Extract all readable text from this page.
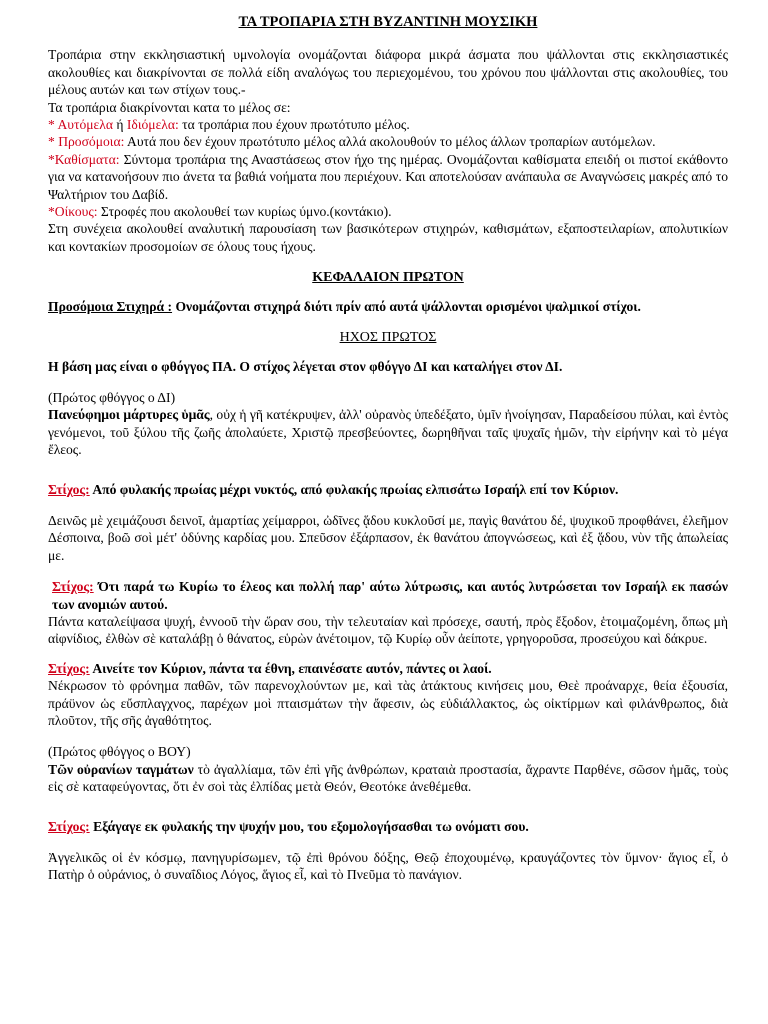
ΤΑ ΤΡΟΠΑΡΙΑ ΣΤΗ ΒΥΖΑΝΤΙΝΗ ΜΟΥΣΙΚΗ

Τροπάρια στην εκκλησιαστική υμνολογία ονομάζονται διάφορα μικρά άσματα που ψάλλονται στις εκκλησιαστικές ακολουθίες και διακρίνονται σε πολλά είδη αναλόγως του περιεχομένου, του χρόνου που ψάλλονται στις ακολουθίες, του μέλους αυτών και των στίχων τους.-

Τα τροπάρια διακρίνονται κατα το μέλος σε:

* Αυτόμελα ή Ιδιόμελα: τα τροπάρια που έχουν πρωτότυπο μέλος.

* Προσόμοια: Αυτά που δεν έχουν πρωτότυπο μέλος αλλά ακολουθούν το μέλος άλλων τροπαρίων αυτόμελων.

*Καθίσματα: Σύντομα τροπάρια της Αναστάσεως στον ήχο της ημέρας. Ονομάζονται καθίσματα επειδή οι πιστοί εκάθοντο για να κατανοήσουν πιο άνετα τα βαθιά νοήματα που περιέχουν. Και αποτελούσαν ανάπαυλα σε Αναγνώσεις μακρές από το Ψαλτήριον του Δαβίδ.

*Οίκους: Στροφές που ακολουθεί των κυρίως ύμνο.(κοντάκιο).

Στη συνέχεια ακολουθεί αναλυτική παρουσίαση των βασικότερων στιχηρών, καθισμάτων, εξαποστειλαρίων, απολυτικίων και κοντακίων προσομοίων σε όλους τους ήχους.

ΚΕΦΑΛΑΙΟΝ ΠΡΩΤΟΝ

Προσόμοια Στιχηρά : Ονομάζονται στιχηρά διότι πρίν από αυτά ψάλλονται ορισμένοι ψαλμικοί στίχοι.

ΗΧΟΣ ΠΡΩΤΟΣ

Η βάση μας είναι ο φθόγγος ΠΑ. Ο στίχος λέγεται στον φθόγγο ΔΙ και καταλήγει στον ΔΙ.

(Πρώτος φθόγγος ο ΔΙ)

Πανεύφημοι μάρτυρες ὑμᾶς, οὐχ ἡ γῆ κατέκρυψεν, ἀλλ' οὐρανὸς ὑπεδέξατο, ὑμῖν ἠνοίγησαν, Παραδείσου πύλαι, καὶ ἐντὸς γενόμενοι, τοῦ ξύλου τῆς ζωῆς ἀπολαύετε, Χριστῷ πρεσβεύοντες, δωρηθῆναι ταῖς ψυχαῖς ἡμῶν, τὴν εἰρήνην καὶ τὸ μέγα ἔλεος.

Στίχος: Από φυλακής πρωίας μέχρι νυκτός, από φυλακής πρωίας ελπισάτω Ισραήλ επί τον Κύριον.

Δεινῶς μὲ χειμάζουσι δεινοῖ, ἁμαρτίας χείμαρροι, ὠδῖνες ᾅδου κυκλοῦσί με, παγὶς θανάτου δέ, ψυχικοῦ προφθάνει, ἐλεῆμον Δέσποινα, βοῶ σοὶ μέτ' ὀδύνης καρδίας μου. Σπεῦσον ἐξάρπασον, ἐκ θανάτου ἀπογνώσεως, καὶ ἐξ ᾅδου, νὺν τῆς ἀπωλείας με.

Στίχος: Ότι παρά τω Κυρίω το έλεος και πολλή παρ' αύτω λύτρωσις, και αυτός λυτρώσεται τον Ισραήλ εκ πασών των ανομιών αυτού.

Πάντα καταλείψασα ψυχή, ἐννοοῦ τὴν ὥραν σου, τὴν τελευταίαν καὶ πρόσεχε, σαυτή, πρὸς ἔξοδον, ἑτοιμαζομένη, ὅπως μὴ αἰφνίδιος, ἐλθὼν σὲ καταλάβῃ ὁ θάνατος, εὑρὼν ἀνέτοιμον, τῷ Κυρίῳ οὖν ἀείποτε, γρηγοροῦσα, προσεύχου καὶ δάκρυε.

Στίχος: Αινείτε τον Κύριον, πάντα τα έθνη, επαινέσατε αυτόν, πάντες οι λαοί.

Νέκρωσον τὸ φρόνημα παθῶν, τῶν παρενοχλούντων με, καὶ τὰς ἀτάκτους κινήσεις μου, Θεὲ προάναρχε, θεία ἐξουσία, πράϋνον ὡς εὔσπλαγχνος, παρέχων μοὶ πταισμάτων τὴν ἄφεσιν, ὡς εὐδιάλλακτος, ὡς οἰκτίρμων καὶ φιλάνθρωπος, διὰ πλοῦτον, τῆς σῆς ἀγαθότητος.

(Πρώτος φθόγγος ο ΒΟΥ)

Τῶν οὐρανίων ταγμάτων τὸ ἀγαλλίαμα, τῶν ἐπὶ γῆς ἀνθρώπων, κραταιὰ προστασία, ἄχραντε Παρθένε, σῶσον ἡμᾶς, τοὺς εἰς σὲ καταφεύγοντας, ὅτι ἐν σοὶ τὰς ἐλπίδας μετὰ Θεόν, Θεοτόκε ἀνεθέμεθα.

Στίχος: Εξάγαγε εκ φυλακής την ψυχήν μου, του εξομολογήσασθαι τω ονόματι σου.

Ἀγγελικῶς οἱ ἐν κόσμῳ, πανηγυρίσωμεν, τῷ ἐπὶ θρόνου δόξης, Θεῷ ἐποχουμένῳ, κραυγάζοντες τὸν ὕμνον· ἅγιος εἶ, ὁ Πατὴρ ὁ οὐράνιος, ὁ συναΐδιος Λόγος, ἅγιος εἶ, καὶ τὸ Πνεῦμα τὸ πανάγιον.
